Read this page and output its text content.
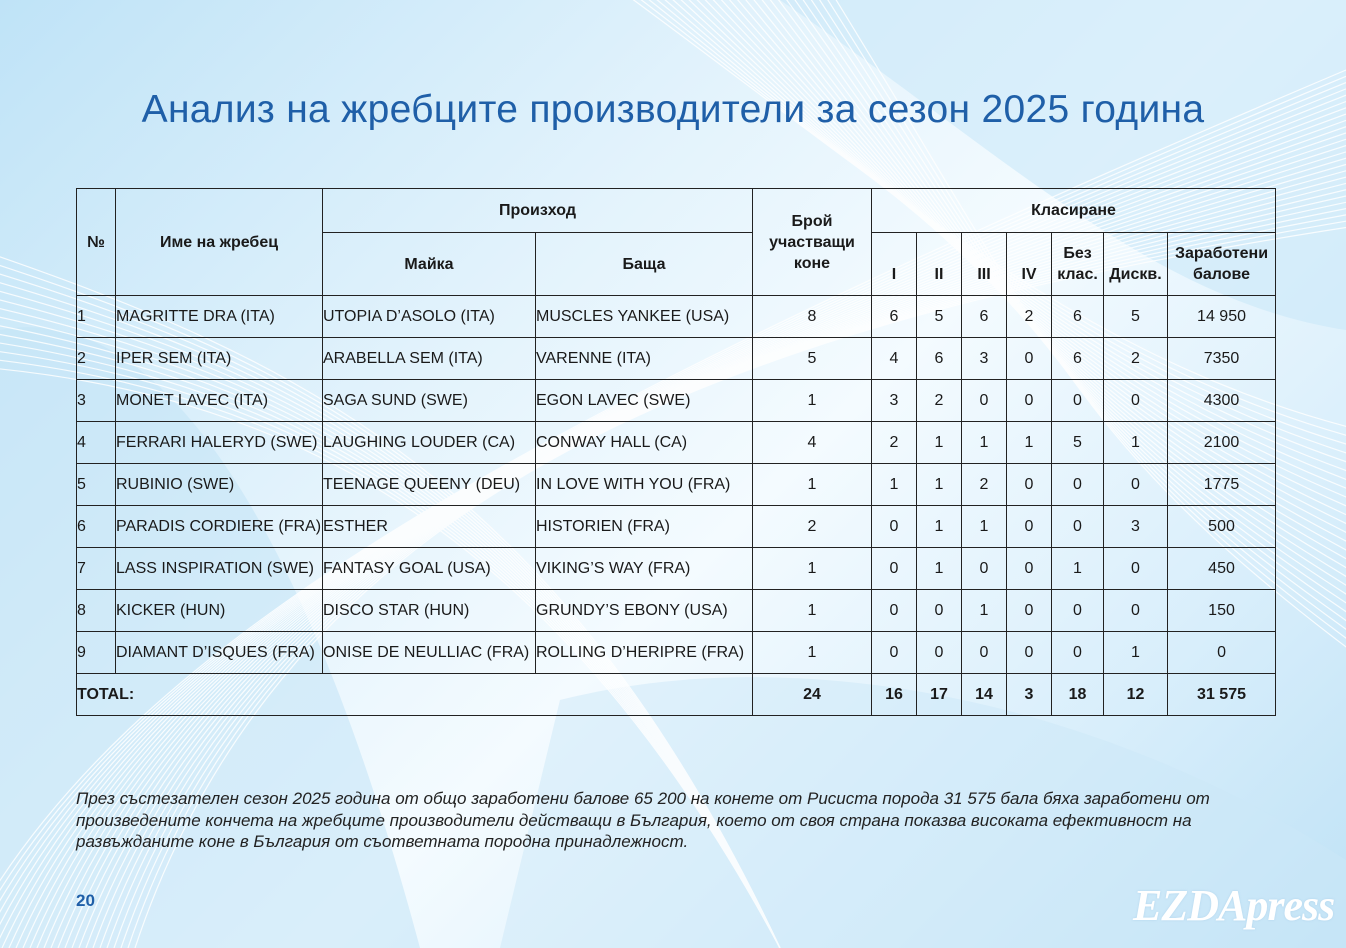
Анализ на жребците производители за сезон 2025 година
№	Име на жребец	Произход		Брой участващи коне	Класиране						
		Майка	Баща		I	II	III	IV	Без клас.	Дискв.	Заработени балове
1	MAGRITTE DRA (ITA)	UTOPIA D’ASOLO (ITA)	MUSCLES YANKEE (USA)	8	6	5	6	2	6	5	14 950
2	IPER SEM (ITA)	ARABELLA SEM (ITA)	VARENNE (ITA)	5	4	6	3	0	6	2	7350
3	MONET LAVEC (ITA)	SAGA SUND (SWE)	EGON LAVEC (SWE)	1	3	2	0	0	0	0	4300
4	FERRARI HALERYD (SWE)	LAUGHING LOUDER (CA)	CONWAY HALL (CA)	4	2	1	1	1	5	1	2100
5	RUBINIO (SWE)	TEENAGE QUEENY (DEU)	IN LOVE WITH YOU (FRA)	1	1	1	2	0	0	0	1775
6	PARADIS CORDIERE (FRA)	ESTHER	HISTORIEN (FRA)	2	0	1	1	0	0	3	500
7	LASS INSPIRATION (SWE)	FANTASY GOAL (USA)	VIKING’S WAY (FRA)	1	0	1	0	0	1	0	450
8	KICKER (HUN)	DISCO STAR (HUN)	GRUNDY’S EBONY (USA)	1	0	0	1	0	0	0	150
9	DIAMANT D’ISQUES (FRA)	ONISE DE NEULLIAC (FRA)	ROLLING D’HERIPRE (FRA)	1	0	0	0	0	0	1	0
TOTAL:				24	16	17	14	3	18	12	31 575

През състезателен сезон 2025 година от общо заработени балове 65 200 на конете от Рисиста порода 31 575 бала бяха заработени от произведените кончета на жребците производители действащи в България, което от своя страна показва високата ефективност на развъжданите коне в България от съответната породна принадлежност.

20	EZDApress
